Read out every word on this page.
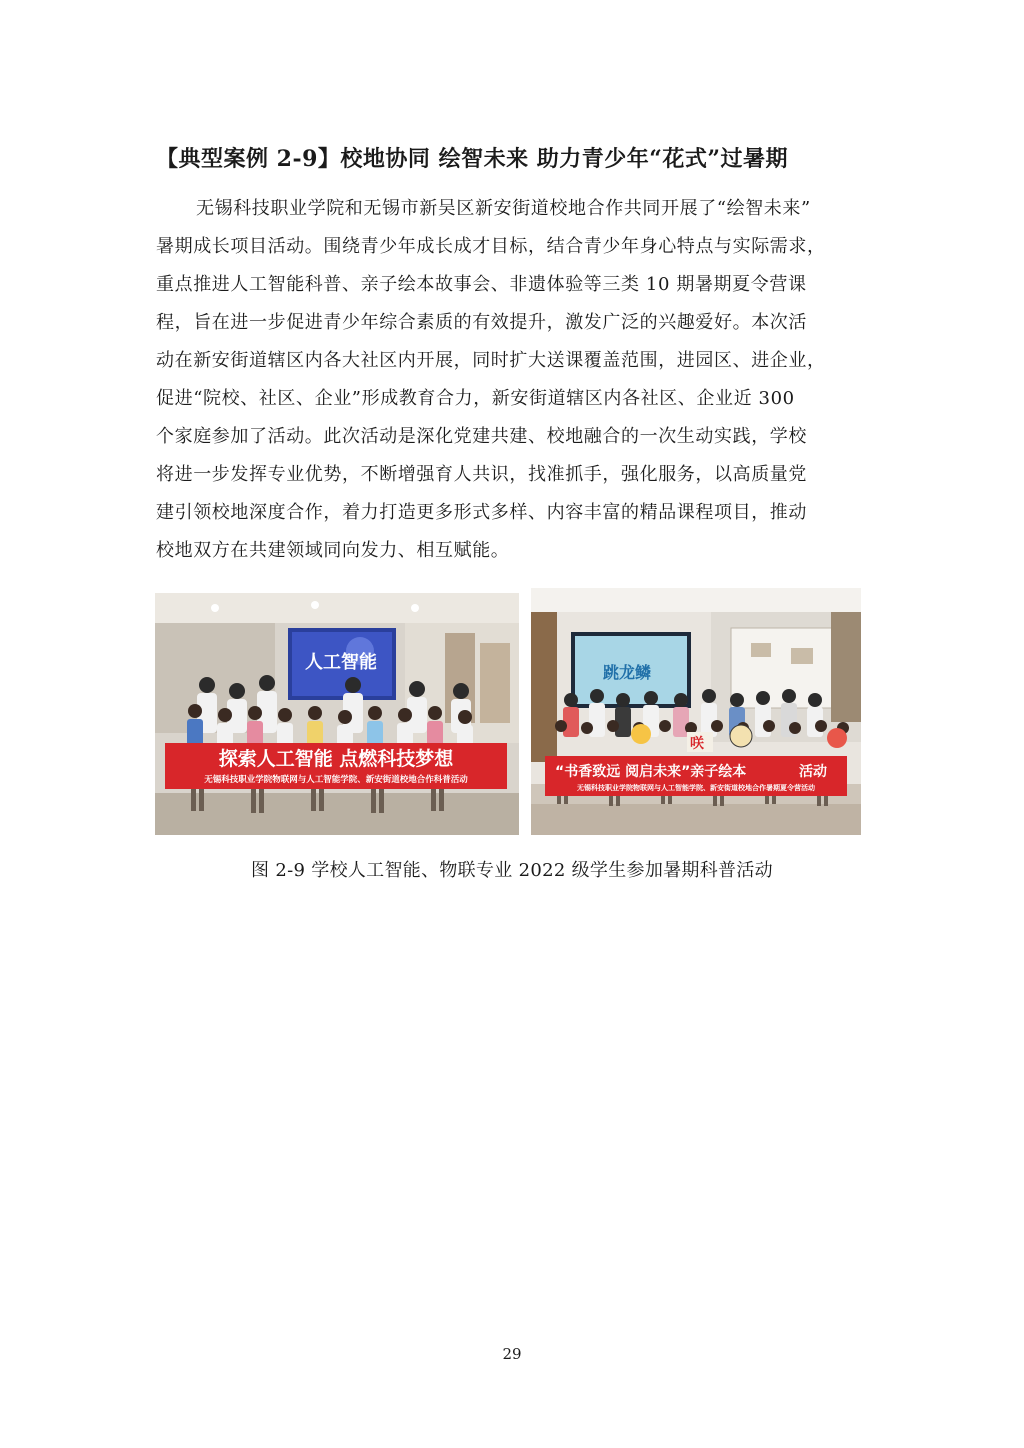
【典型案例 2-9】校地协同 绘智未来 助力青少年“花式”过暑期
无锡科技职业学院和无锡市新吴区新安街道校地合作共同开展了“绘智未来”
暑期成长项目活动。围绕青少年成长成才目标，结合青少年身心特点与实际需求，
重点推进人工智能科普、亲子绘本故事会、非遗体验等三类 10 期暑期夏令营课
程，旨在进一步促进青少年综合素质的有效提升，激发广泛的兴趣爱好。本次活
动在新安街道辖区内各大社区内开展，同时扩大送课覆盖范围，进园区、进企业，
促进“院校、社区、企业”形成教育合力，新安街道辖区内各社区、企业近 300
个家庭参加了活动。此次活动是深化党建共建、校地融合的一次生动实践，学校
将进一步发挥专业优势，不断增强育人共识，找准抓手，强化服务，以高质量党
建引领校地深度合作，着力打造更多形式多样、内容丰富的精品课程项目，推动
校地双方在共建领域同向发力、相互赋能。
人工智能
探索人工智能 点燃科技梦想
无锡科技职业学院物联网与人工智能学院、新安街道校地合作科普活动
跳龙鳞
咲
“书香致远 阅启未来”亲子绘本	活动
无锡科技职业学院物联网与人工智能学院、新安街道校地合作暑期夏令营活动
图 2-9 学校人工智能、物联专业 2022 级学生参加暑期科普活动
29
